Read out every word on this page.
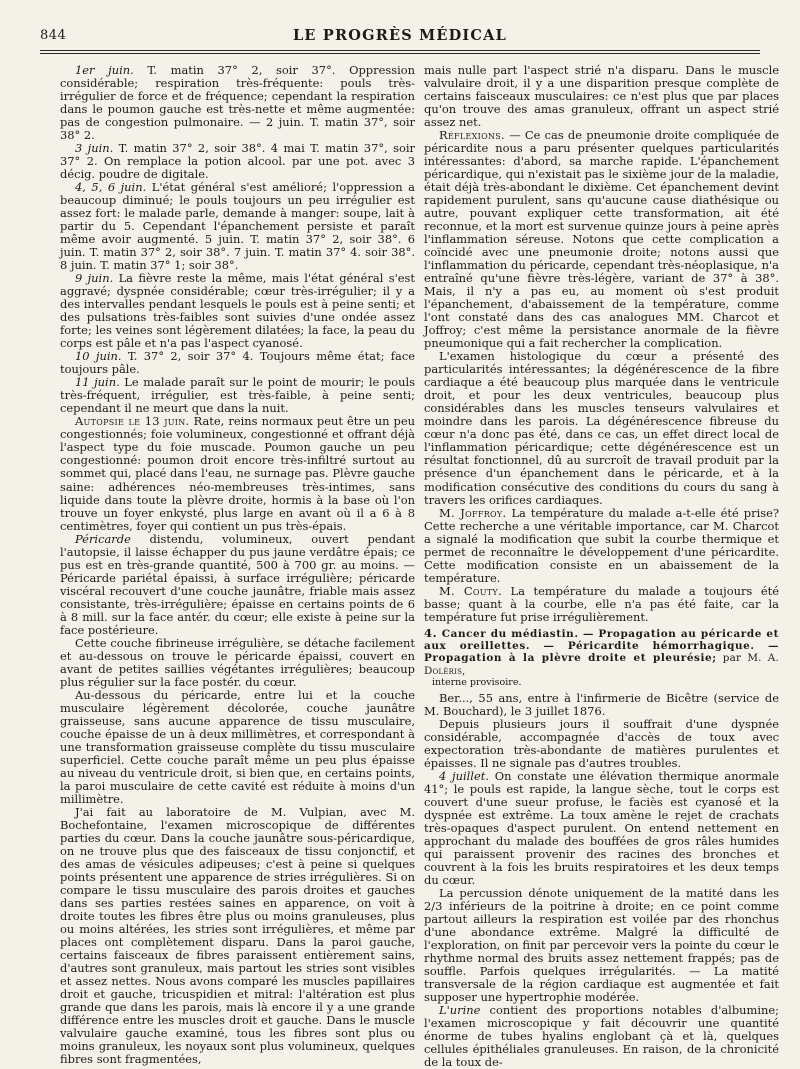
844	LE PROGRÈS MÉDICAL

1er juin. T. matin 37° 2, soir 37°. Oppression considérable; respiration très-fréquente: pouls très-irrégulier de force et de fréquence; cependant la respiration dans le poumon gauche est très-nette et même augmentée: pas de congestion pulmonaire. — 2 juin. T. matin 37°, soir 38° 2.

3 juin. T. matin 37° 2, soir 38°. 4 mai T. matin 37°, soir 37° 2. On remplace la potion alcool. par une pot. avec 3 décig. poudre de digitale.

4, 5, 6 juin. L'état général s'est amélioré; l'oppression a beaucoup diminué; le pouls toujours un peu irrégulier est assez fort: le malade parle, demande à manger: soupe, lait à partir du 5. Cependant l'épanchement persiste et paraît même avoir augmenté. 5 juin. T. matin 37° 2, soir 38°. 6 juin. T. matin 37° 2, soir 38°. 7 juin. T. matin 37° 4. soir 38°. 8 juin. T. matin 37° 1; soir 38°.

9 juin. La fièvre reste la même, mais l'état général s'est aggravé; dyspnée considérable; cœur très-irrégulier; il y a des intervalles pendant lesquels le pouls est à peine senti; et des pulsations très-faibles sont suivies d'une ondée assez forte; les veines sont légèrement dilatées; la face, la peau du corps est pâle et n'a pas l'aspect cyanosé.

10 juin. T. 37° 2, soir 37° 4. Toujours même état; face toujours pâle.

11 juin. Le malade paraît sur le point de mourir; le pouls très-fréquent, irrégulier, est très-faible, à peine senti; cependant il ne meurt que dans la nuit.

Autopsie le 13 juin. Rate, reins normaux peut être un peu congestionnés; foie volumineux, congestionné et offrant déjà l'aspect type du foie muscade. Poumon gauche un peu congestionné: poumon droit encore très-infiltré surtout au sommet qui, placé dans l'eau, ne surnage pas. Plèvre gauche saine: adhérences néo-membreuses très-intimes, sans liquide dans toute la plèvre droite, hormis à la base où l'on trouve un foyer enkysté, plus large en avant où il a 6 à 8 centimètres, foyer qui contient un pus très-épais.

Péricarde distendu, volumineux, ouvert pendant l'autopsie, il laisse échapper du pus jaune verdâtre épais; ce pus est en très-grande quantité, 500 à 700 gr. au moins. — Péricarde pariétal épaissi, à surface irrégulière; péricarde viscéral recouvert d'une couche jaunâtre, friable mais assez consistante, très-irrégulière; épaisse en certains points de 6 à 8 mill. sur la face antér. du cœur; elle existe à peine sur la face postérieure.

Cette couche fibrineuse irrégulière, se détache facilement et au-dessous on trouve le péricarde épaissi, couvert en avant de petites saillies végétantes irrégulières; beaucoup plus régulier sur la face postér. du cœur.

Au-dessous du péricarde, entre lui et la couche musculaire légèrement décolorée, couche jaunâtre graisseuse, sans aucune apparence de tissu musculaire, couche épaisse de un à deux millimètres, et correspondant à une transformation graisseuse complète du tissu musculaire superficiel. Cette couche paraît même un peu plus épaisse au niveau du ventricule droit, si bien que, en certains points, la paroi musculaire de cette cavité est réduite à moins d'un millimètre.

J'ai fait au laboratoire de M. Vulpian, avec M. Bochefontaine, l'examen microscopique de différentes parties du cœur. Dans la couche jaunâtre sous-péricardique, on ne trouve plus que des faisceaux de tissu conjonctif, et des amas de vésicules adipeuses; c'est à peine si quelques points présentent une apparence de stries irrégulières. Si on compare le tissu musculaire des parois droites et gauches dans ses parties restées saines en apparence, on voit à droite toutes les fibres être plus ou moins granuleuses, plus ou moins altérées, les stries sont irrégulières, et même par places ont complètement disparu. Dans la paroi gauche, certains faisceaux de fibres paraissent entièrement sains, d'autres sont granuleux, mais partout les stries sont visibles et assez nettes. Nous avons comparé les muscles papillaires droit et gauche, tricuspidien et mitral: l'altération est plus grande que dans les parois, mais là encore il y a une grande différence entre les muscles droit et gauche. Dans le muscle valvulaire gauche examiné, tous les fibres sont plus ou moins granuleux, les noyaux sont plus volumineux, quelques fibres sont fragmentées,

mais nulle part l'aspect strié n'a disparu. Dans le muscle valvulaire droit, il y a une disparition presque complète de certains faisceaux musculaires: ce n'est plus que par places qu'on trouve des amas granuleux, offrant un aspect strié assez net.

Réflexions. — Ce cas de pneumonie droite compliquée de péricardite nous a paru présenter quelques particularités intéressantes: d'abord, sa marche rapide. L'épanchement péricardique, qui n'existait pas le sixième jour de la maladie, était déjà très-abondant le dixième. Cet épanchement devint rapidement purulent, sans qu'aucune cause diathésique ou autre, pouvant expliquer cette transformation, ait été reconnue, et la mort est survenue quinze jours à peine après l'inflammation séreuse. Notons que cette complication a coïncidé avec une pneumonie droite; notons aussi que l'inflammation du péricarde, cependant très-néoplasique, n'a entraîné qu'une fièvre très-légère, variant de 37° à 38°. Mais, il n'y a pas eu, au moment où s'est produit l'épanchement, d'abaissement de la température, comme l'ont constaté dans des cas analogues MM. Charcot et Joffroy; c'est même la persistance anormale de la fièvre pneumonique qui a fait rechercher la complication.

L'examen histologique du cœur a présenté des particularités intéressantes; la dégénérescence de la fibre cardiaque a été beaucoup plus marquée dans le ventricule droit, et pour les deux ventricules, beaucoup plus considérables dans les muscles tenseurs valvulaires et moindre dans les parois. La dégénérescence fibreuse du cœur n'a donc pas été, dans ce cas, un effet direct local de l'inflammation péricardique; cette dégénérescence est un résultat fonctionnel, dû au surcroît de travail produit par la présence d'un épanchement dans le péricarde, et à la modification consécutive des conditions du cours du sang à travers les orifices cardiaques.

M. Joffroy. La température du malade a-t-elle été prise? Cette recherche a une véritable importance, car M. Charcot a signalé la modification que subit la courbe thermique et permet de reconnaître le développement d'une péricardite. Cette modification consiste en un abaissement de la température.

M. Couty. La température du malade a toujours été basse; quant à la courbe, elle n'a pas été faite, car la température fut prise irrégulièrement.

4. Cancer du médiastin. — Propagation au péricarde et aux oreillettes. — Péricardite hémorrhagique. — Propagation à la plèvre droite et pleurésie; par M. A. Dolèris,

interne provisoire.

Ber..., 55 ans, entre à l'infirmerie de Bicêtre (service de M. Bouchard), le 3 juillet 1876.

Depuis plusieurs jours il souffrait d'une dyspnée considérable, accompagnée d'accès de toux avec expectoration très-abondante de matières purulentes et épaisses. Il ne signale pas d'autres troubles.

4 juillet. On constate une élévation thermique anormale 41°; le pouls est rapide, la langue sèche, tout le corps est couvert d'une sueur profuse, le faciès est cyanosé et la dyspnée est extrême. La toux amène le rejet de crachats très-opaques d'aspect purulent. On entend nettement en approchant du malade des bouffées de gros râles humides qui paraissent provenir des racines des bronches et couvrent à la fois les bruits respiratoires et les deux temps du cœur.

La percussion dénote uniquement de la matité dans les 2/3 inférieurs de la poitrine à droite; en ce point comme partout ailleurs la respiration est voilée par des rhonchus d'une abondance extrême. Malgré la difficulté de l'exploration, on finit par percevoir vers la pointe du cœur le rhythme normal des bruits assez nettement frappés; pas de souffle. Parfois quelques irrégularités. — La matité transversale de la région cardiaque est augmentée et fait supposer une hypertrophie modérée.

L'urine contient des proportions notables d'albumine; l'examen microscopique y fait découvrir une quantité énorme de tubes hyalins englobant çà et là, quelques cellules épithéliales granuleuses. En raison, de la chronicité de la toux de-
